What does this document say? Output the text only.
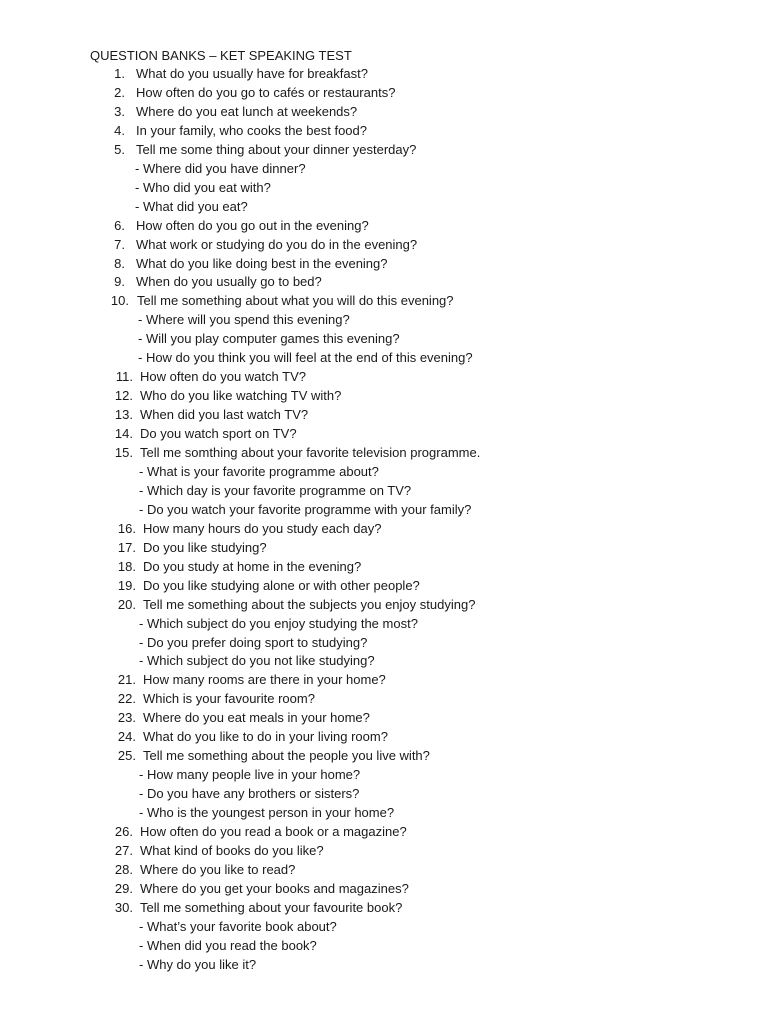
QUESTION BANKS – KET SPEAKING TEST
1. What do you usually have for breakfast?
2. How often do you go to cafés or restaurants?
3. Where do you eat lunch at weekends?
4. In your family, who cooks the best food?
5. Tell me some thing about your dinner yesterday?
- Where did you have dinner?
- Who did you eat with?
- What did you eat?
6. How often do you go out in the evening?
7. What work or studying do you do in the evening?
8. What do you like doing best in the evening?
9. When do you usually go to bed?
10. Tell me something about what you will do this evening?
- Where will you spend this evening?
- Will you play computer games this evening?
- How do you think you will feel at the end of this evening?
11. How often do you watch TV?
12. Who do you like watching TV with?
13. When did you last watch TV?
14. Do you watch sport on TV?
15. Tell me somthing about your favorite television programme.
- What is your favorite programme about?
- Which day is your favorite programme on TV?
- Do you watch your favorite programme with your family?
16. How many hours do you study each day?
17. Do you like studying?
18. Do you study at home in the evening?
19. Do you like studying alone or with other people?
20. Tell me something about the subjects you enjoy studying?
- Which subject do you enjoy studying the most?
- Do you prefer doing sport to studying?
- Which subject do you not like studying?
21. How many rooms are there in your home?
22. Which is your favourite room?
23. Where do you eat meals in your home?
24. What do you like to do in your living room?
25. Tell me something about the people you live with?
- How many people live in your home?
- Do you have any brothers or sisters?
- Who is the youngest person in your home?
26. How often do you read a book or a magazine?
27. What kind of books do you like?
28. Where do you like to read?
29. Where do you get your books and magazines?
30. Tell me something about your favourite book?
- What’s your favorite book about?
- When did you read the book?
- Why do you like it?
